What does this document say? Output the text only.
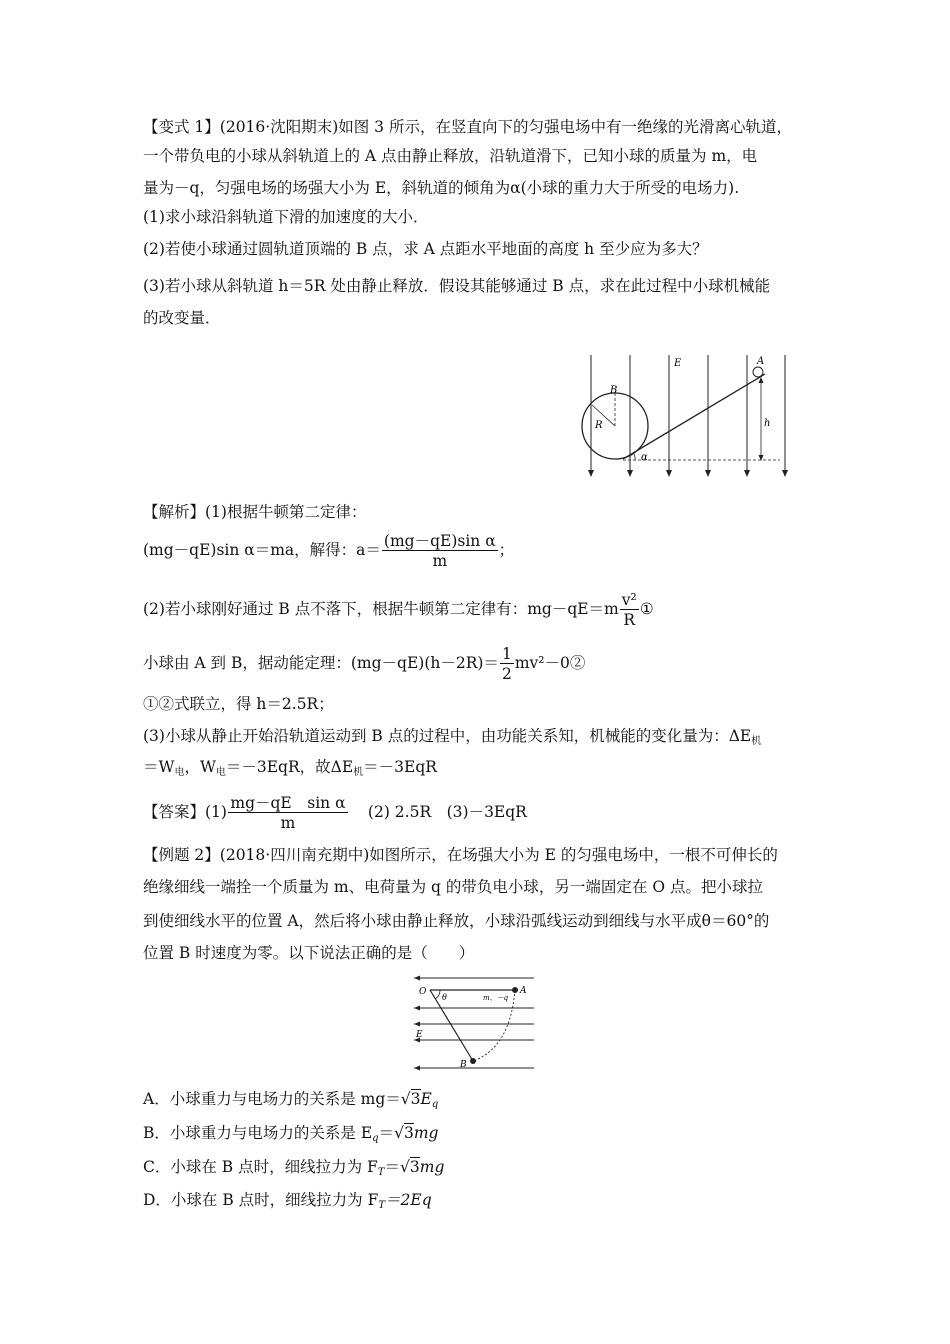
【变式 1】(2016·沈阳期末)如图 3 所示，在竖直向下的匀强电场中有一绝缘的光滑离心轨道，
一个带负电的小球从斜轨道上的 A 点由静止释放，沿轨道滑下，已知小球的质量为 m，电
量为－q，匀强电场的场强大小为 E，斜轨道的倾角为α(小球的重力大于所受的电场力).
(1)求小球沿斜轨道下滑的加速度的大小．
(2)若使小球通过圆轨道顶端的 B 点，求 A 点距水平地面的高度 h 至少应为多大？
(3)若小球从斜轨道 h＝5R 处由静止释放．假设其能够通过 B 点，求在此过程中小球机械能
的改变量．
B
R
E	A
h
α
【解析】(1)根据牛顿第二定律：
(mg－qE)sin α＝ma，解得：$a= \frac{\text{(mg－qE)sin α}}{m}$ ；
(2)若小球刚好通过 B 点不落下，根据牛顿第二定律有：$mg-qE=m \frac{\text{v²}}{R}$ ①
小球由 A 到 B，据动能定理：$(mg-qE)(h-2R)= \frac{1}{2}$ mv²－0②
①②式联立，得 h＝2.5R；
(3)小球从静止开始沿轨道运动到 B 点的过程中，由功能关系知，机械能的变化量为：$\Delta E_机$
$=W_电$，$W_电=-3EqR$，故$\Delta E_机=-3EqR$
【答案】$(1) \frac{\text{mg－qE　sin α}}{m} (2)$ 2.5R　(3)－3EqR
【例题 2】(2018·四川南充期中)如图所示，在场强大小为 E 的匀强电场中，一根不可伸长的
绝缘细线一端拴一个质量为 m、电荷量为 q 的带负电小球，另一端固定在 O 点。把小球拉
到使细线水平的位置 A，然后将小球由静止释放，小球沿弧线运动到细线与水平成θ＝60°的
位置 B 时速度为零。以下说法正确的是（　　）
O
θ	m、－q
A
E
B
A．小球重力与电场力的关系是 $mg=√3E_q$
B．小球重力与电场力的关系是 $E_q=√3mg$
C．小球在 B 点时，细线拉力为 $F_T=√3mg$
D．小球在 B 点时，细线拉力为 $F_T=2Eq$
